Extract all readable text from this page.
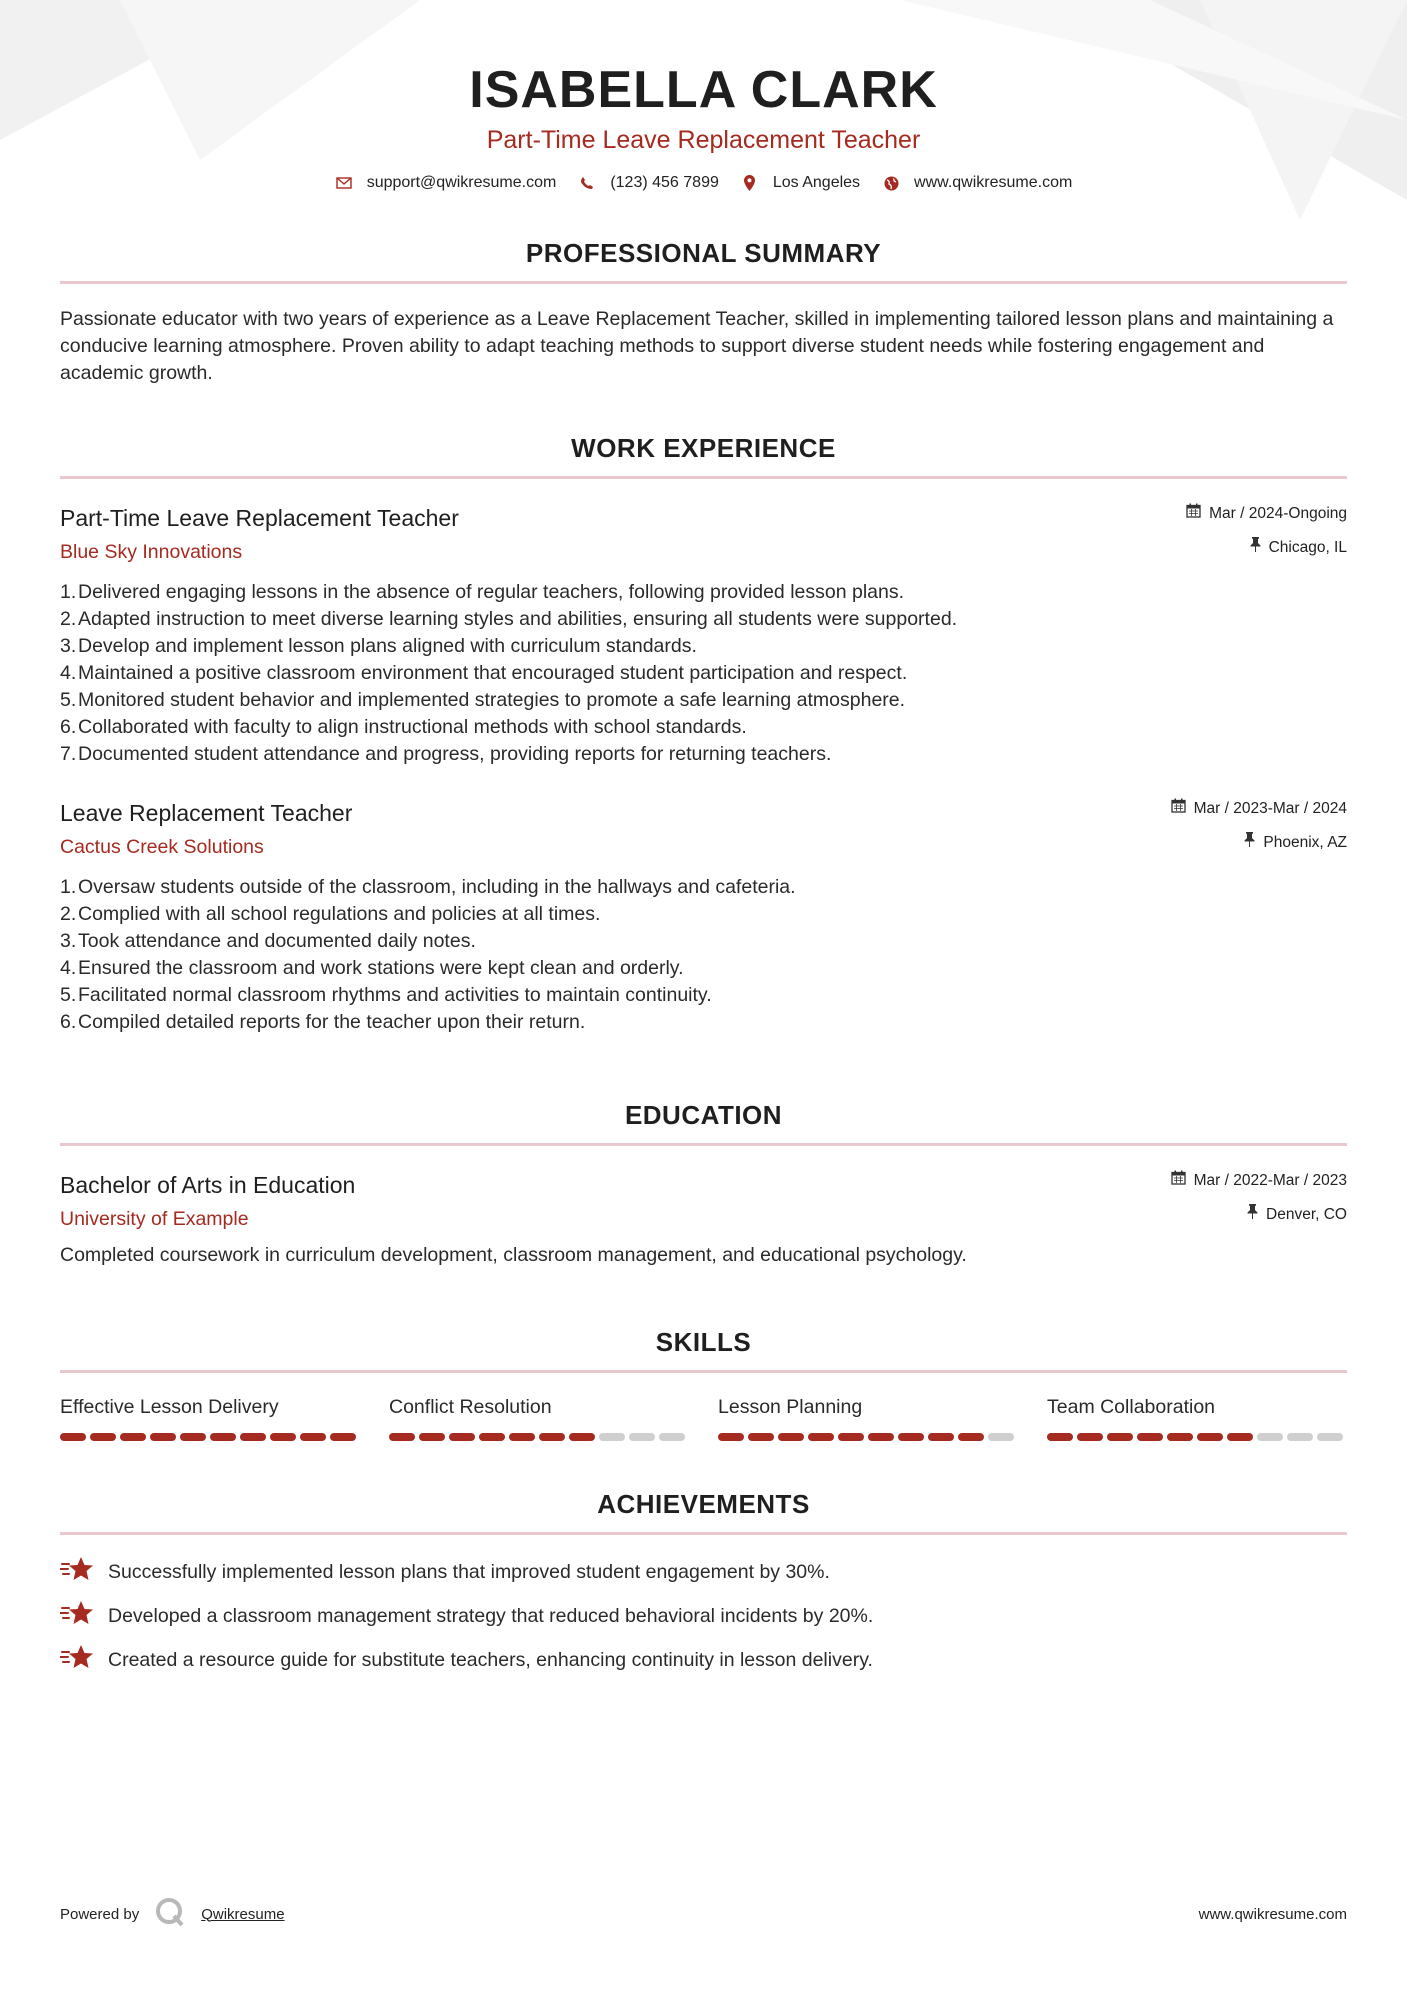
ISABELLA CLARK
Part-Time Leave Replacement Teacher
support@qwikresume.com	(123) 456 7899	Los Angeles	www.qwikresume.com
PROFESSIONAL SUMMARY
Passionate educator with two years of experience as a Leave Replacement Teacher, skilled in implementing tailored lesson plans and maintaining a conducive learning atmosphere. Proven ability to adapt teaching methods to support diverse student needs while fostering engagement and academic growth.
WORK EXPERIENCE
Part-Time Leave Replacement Teacher
Blue Sky Innovations
Mar / 2024-Ongoing
Chicago, IL
1. Delivered engaging lessons in the absence of regular teachers, following provided lesson plans.
2. Adapted instruction to meet diverse learning styles and abilities, ensuring all students were supported.
3. Develop and implement lesson plans aligned with curriculum standards.
4. Maintained a positive classroom environment that encouraged student participation and respect.
5. Monitored student behavior and implemented strategies to promote a safe learning atmosphere.
6. Collaborated with faculty to align instructional methods with school standards.
7. Documented student attendance and progress, providing reports for returning teachers.
Leave Replacement Teacher
Cactus Creek Solutions
Mar / 2023-Mar / 2024
Phoenix, AZ
1. Oversaw students outside of the classroom, including in the hallways and cafeteria.
2. Complied with all school regulations and policies at all times.
3. Took attendance and documented daily notes.
4. Ensured the classroom and work stations were kept clean and orderly.
5. Facilitated normal classroom rhythms and activities to maintain continuity.
6. Compiled detailed reports for the teacher upon their return.
EDUCATION
Bachelor of Arts in Education
University of Example
Mar / 2022-Mar / 2023
Denver, CO
Completed coursework in curriculum development, classroom management, and educational psychology.
SKILLS
Effective Lesson Delivery	Conflict Resolution	Lesson Planning	Team Collaboration
ACHIEVEMENTS
Successfully implemented lesson plans that improved student engagement by 30%.
Developed a classroom management strategy that reduced behavioral incidents by 20%.
Created a resource guide for substitute teachers, enhancing continuity in lesson delivery.
Powered by	Qwikresume	www.qwikresume.com
